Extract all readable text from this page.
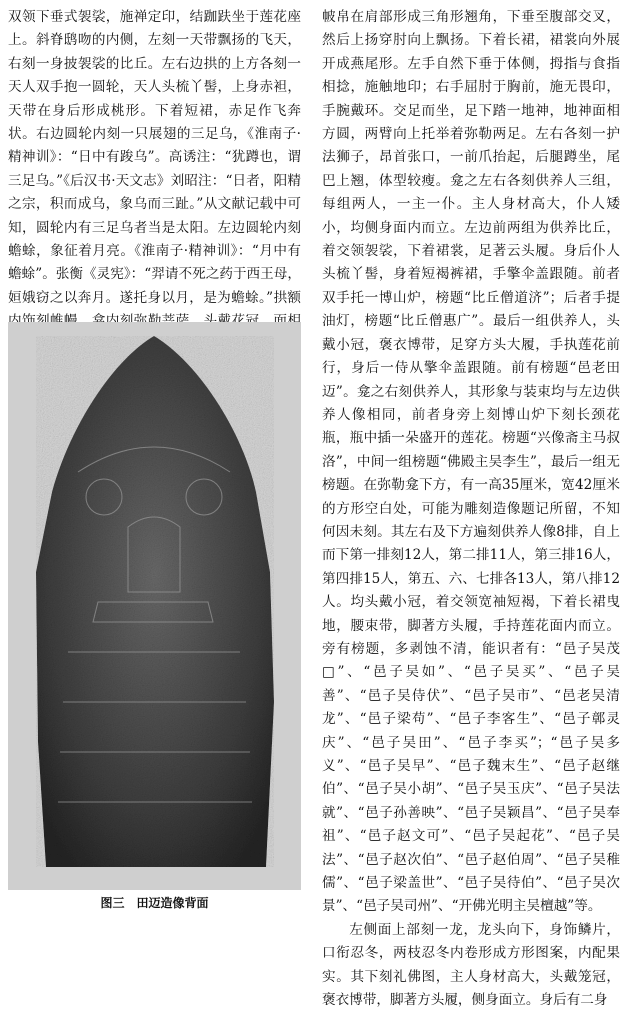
双领下垂式袈裟，施禅定印，结跏趺坐于莲花座上。斜脊鸱吻的内侧，左刻一天带飘扬的飞天，右刻一身披袈裟的比丘。左右边拱的上方各刻一天人双手抱一圆轮，天人头梳丫髻，上身赤袒，天带在身后形成桃形。下着短裙，赤足作飞奔状。右边圆轮内刻一只展翅的三足乌，《淮南子·精神训》：“日中有踆乌”。高诱注：“犹蹲也，谓三足乌。”《后汉书·天文志》刘昭注：“日者，阳精之宗，积而成乌，象乌而三趾。”从文献记载中可知，圆轮内有三足乌者当是太阳。左边圆轮内刻蟾蜍，象征着月亮。《淮南子·精神训》：“月中有蟾蜍”。张衡《灵宪》：“羿请不死之药于西王母，姮娥窃之以奔月。遂托身以月，是为蟾蜍。”拱额

图三　田迈造像背面

帔帛在肩部形成三角形翘角，下垂至腹部交叉，然后上扬穿肘向上飘扬。下着长裙，裙裳向外展开成燕尾形。左手自然下垂于体侧，拇指与食指相捻，施触地印；右手屈肘于胸前，施无畏印，手腕戴环。交足而坐，足下踏一地神，地神面相方圆，两臂向上托举着弥勒两足。左右各刻一护法狮子，昂首张口，一前爪抬起，后腿蹲坐，尾巴上翘，体型较瘦。龛之左右各刻供养人三组，每组两人，一主一仆。主人身材高大，仆人矮小，均侧身面内而立。左边前两组为供养比丘，着交领袈裟，下着裙裳，足著云头履。身后仆人头梳丫髻，身着短褐裤裙，手擎伞盖跟随。前者双手托一博山炉，榜题“比丘僧道济”；后者手提油灯，榜题“比丘僧惠广”。最后一组供养人，头戴小冠，褒衣博带，足穿方头大履，手执莲花前行，身后一侍从擎伞盖跟随。前有榜题“邑老田迈”。龛之右刻供养人，其形象与装束均与左边供养人像相同，前者身旁上刻博山炉下刻长颈花瓶，瓶中插一朵盛开的莲花。榜题“兴像斋主马叔洛”，中间一组榜题“佛殿主吴李生”，最后一组无榜题。在弥勒龛下方，有一高35厘米，宽42厘米的方形空白处，可能为雕刻造像题记所留，不知何因未刻。其左右及下方遍刻供养人像8排，自上而下第一排刻12人，第二排11人，第三排16人，第四排15人，第五、六、七排各13人，第八排12人。均头戴小冠，着交领宽袖短褐，下着长裙曳地，腰束带，脚著方头履，手持莲花面内而立。旁有榜题，多剥蚀不清，能识者有：“邑子吴茂□”、“邑子吴如”、“邑子吴买”、“邑子吴善”、“邑子吴侍伏”、“邑子吴市”、“邑老吴清龙”、“邑子梁苟”、“邑子李客生”、“邑子鄣灵庆”、“邑子吴田”、“邑子李买”；“邑子吴多义”、“邑子吴早”、“邑子魏末生”、“邑子赵继伯”、“邑子吴小胡”、“邑子吴玉庆”、“邑子吴法就”、“邑子孙善映”、“邑子吴颖昌”、“邑子吴奉祖”、“邑子赵文可”、“邑子吴起花”、“邑子吴法”、“邑子赵次伯”、“邑子赵伯周”、“邑子吴稚儒”、“邑子梁盖世”、“邑子吴待伯”、“邑子吴次景”、“邑子吴司州”、“开佛光明主吴檀越”等。

左侧面上部刻一龙，龙头向下，身饰鳞片，口衔忍冬，两枝忍冬内卷形成方形图案，内配果实。其下刻礼佛图，主人身材高大，头戴笼冠，褒衣博带，脚著方头履，侧身面立。身后有二身
